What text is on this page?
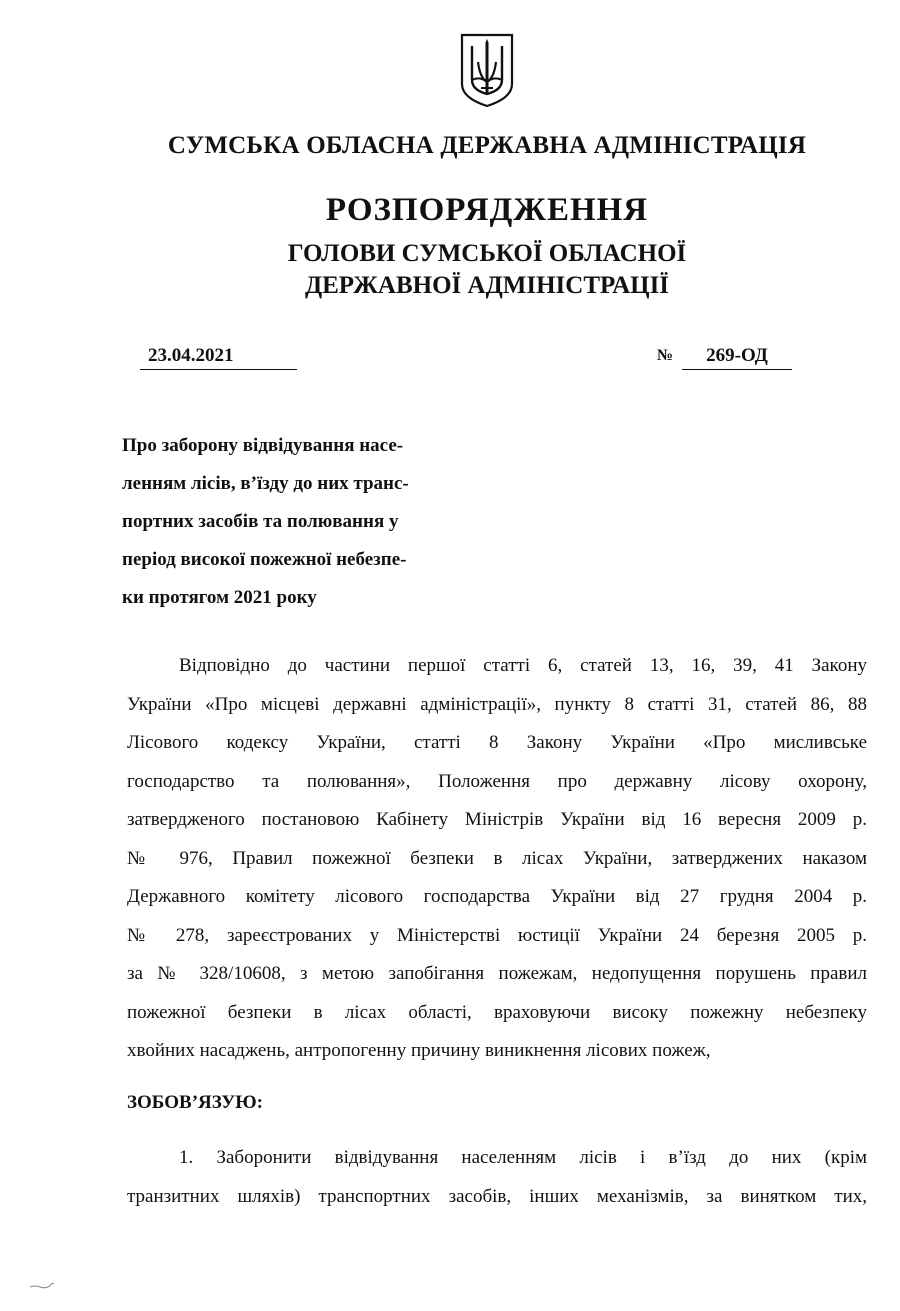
СУМСЬКА ОБЛАСНА ДЕРЖАВНА АДМІНІСТРАЦІЯ
РОЗПОРЯДЖЕННЯ
ГОЛОВИ СУМСЬКОЇ ОБЛАСНОЇ
ДЕРЖАВНОЇ АДМІНІСТРАЦІЇ
23.04.2021	№	269-ОД
Про заборону відвідування насе-
ленням лісів, в’їзду до них транс-
портних засобів та полювання у
період високої пожежної небезпе-
ки протягом 2021 року
Відповідно до частини першої статті 6, статей 13, 16, 39, 41 Закону
України «Про місцеві державні адміністрації», пункту 8 статті 31, статей 86, 88
Лісового кодексу України, статті 8 Закону України «Про мисливське
господарство та полювання», Положення про державну лісову охорону,
затвердженого постановою Кабінету Міністрів України від 16 вересня 2009 р.
№ 976, Правил пожежної безпеки в лісах України, затверджених наказом
Державного комітету лісового господарства України від 27 грудня 2004 р.
№ 278, зареєстрованих у Міністерстві юстиції України 24 березня 2005 р.
за № 328/10608, з метою запобігання пожежам, недопущення порушень правил
пожежної безпеки в лісах області, враховуючи високу пожежну небезпеку
хвойних насаджень, антропогенну причину виникнення лісових пожеж,
ЗОБОВ’ЯЗУЮ:
1. Заборонити відвідування населенням лісів і в’їзд до них (крім
транзитних шляхів) транспортних засобів, інших механізмів, за винятком тих,
